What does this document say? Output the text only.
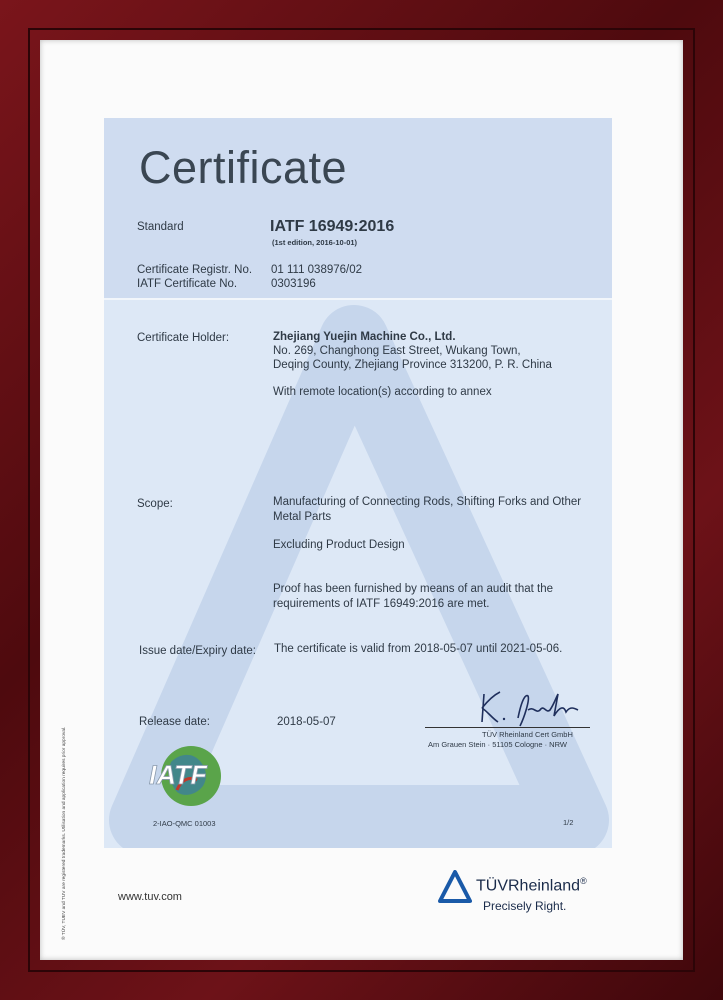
Certificate
Standard	IATF 16949:2016
(1st edition, 2016-10-01)
Certificate Registr. No. 01 111 038976/02
IATF Certificate No.	0303196
Certificate Holder:	Zhejiang Yuejin Machine Co., Ltd.
No. 269, Changhong East Street, Wukang Town,
Deqing County, Zhejiang Province 313200, P. R. China
With remote location(s) according to annex
Scope:	Manufacturing of Connecting Rods, Shifting Forks and Other
Metal Parts
Excluding Product Design
Proof has been furnished by means of an audit that the
requirements of IATF 16949:2016 are met.
Issue date/Expiry date: The certificate is valid from 2018-05-07 until 2021-05-06.
Release date:	2018-05-07
TÜV Rheinland Cert GmbH
Am Grauen Stein · 51105 Cologne · NRW
IATF
2-IAO-QMC 01003	1/2
www.tuv.com
TÜVRheinland®
Precisely Right.
® TÜV, TUEV and TUV are registered trademarks. Utilisation and application requires prior approval.
